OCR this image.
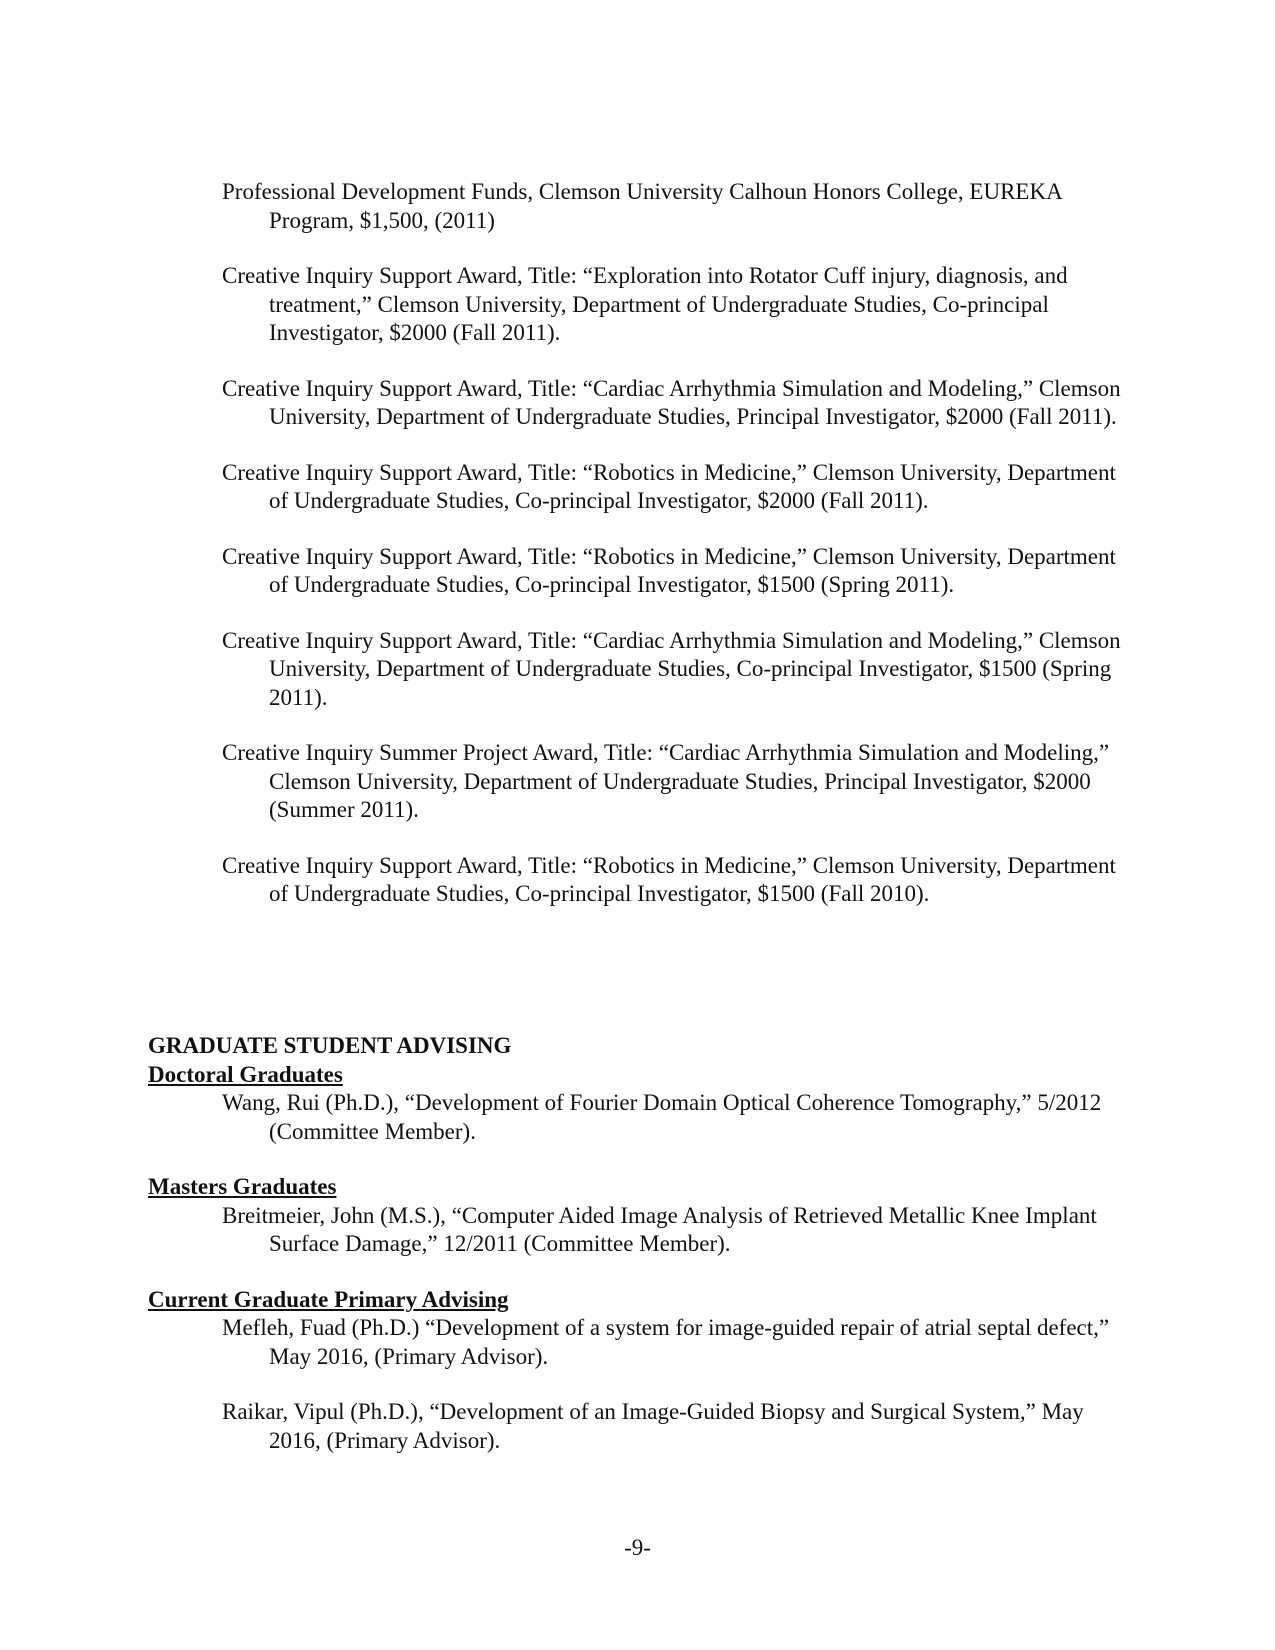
Professional Development Funds, Clemson University Calhoun Honors College, EUREKA Program, $1,500, (2011)

Creative Inquiry Support Award, Title: “Exploration into Rotator Cuff injury, diagnosis, and treatment,” Clemson University, Department of Undergraduate Studies, Co-principal Investigator, $2000 (Fall 2011).

Creative Inquiry Support Award, Title: “Cardiac Arrhythmia Simulation and Modeling,” Clemson University, Department of Undergraduate Studies, Principal Investigator, $2000 (Fall 2011).

Creative Inquiry Support Award, Title: “Robotics in Medicine,” Clemson University, Department of Undergraduate Studies, Co-principal Investigator, $2000 (Fall 2011).

Creative Inquiry Support Award, Title: “Robotics in Medicine,” Clemson University, Department of Undergraduate Studies, Co-principal Investigator, $1500 (Spring 2011).

Creative Inquiry Support Award, Title: “Cardiac Arrhythmia Simulation and Modeling,” Clemson University, Department of Undergraduate Studies, Co-principal Investigator, $1500 (Spring 2011).

Creative Inquiry Summer Project Award, Title: “Cardiac Arrhythmia Simulation and Modeling,” Clemson University, Department of Undergraduate Studies, Principal Investigator, $2000 (Summer 2011).

Creative Inquiry Support Award, Title: “Robotics in Medicine,” Clemson University, Department of Undergraduate Studies, Co-principal Investigator, $1500 (Fall 2010).

GRADUATE STUDENT ADVISING

Doctoral Graduates

Wang, Rui (Ph.D.), “Development of Fourier Domain Optical Coherence Tomography,” 5/2012 (Committee Member).

Masters Graduates

Breitmeier, John (M.S.), “Computer Aided Image Analysis of Retrieved Metallic Knee Implant Surface Damage,” 12/2011 (Committee Member).

Current Graduate Primary Advising

Mefleh, Fuad (Ph.D.) “Development of a system for image-guided repair of atrial septal defect,” May 2016, (Primary Advisor).

Raikar, Vipul (Ph.D.), “Development of an Image-Guided Biopsy and Surgical System,” May 2016, (Primary Advisor).

-9-
